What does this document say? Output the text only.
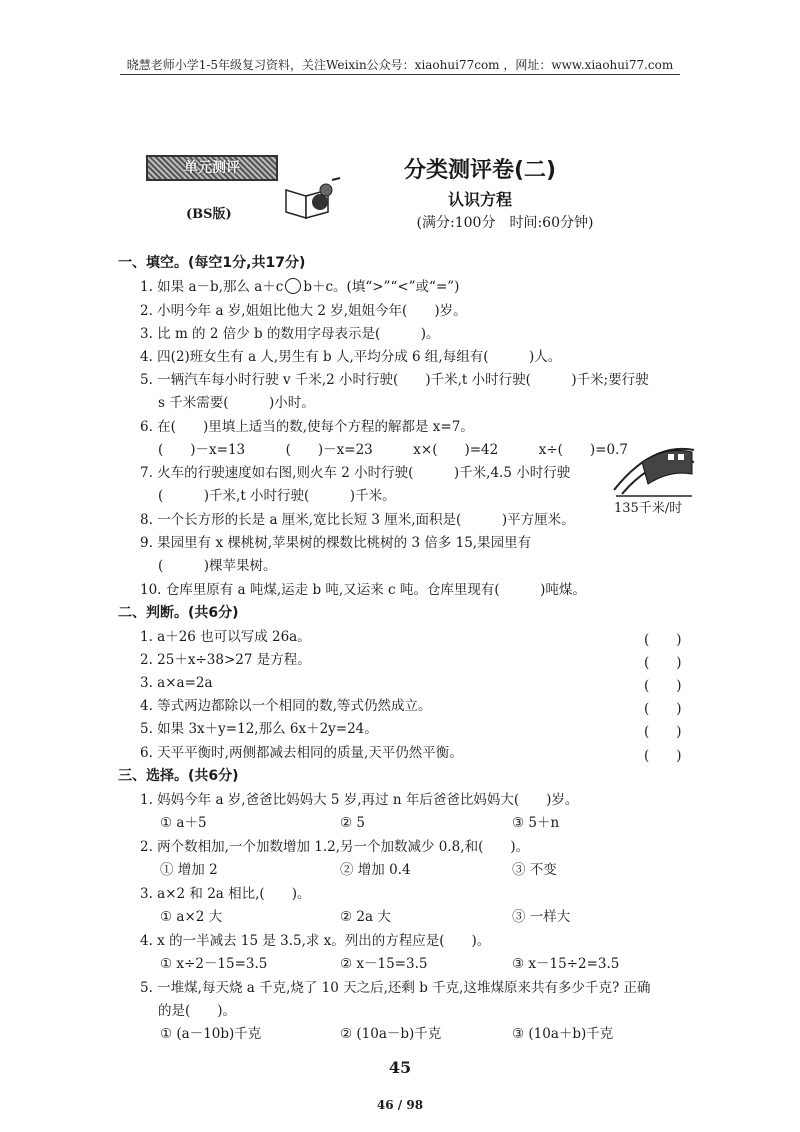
晓慧老师小学1-5年级复习资料，关注Weixin公众号：xiaohui77com ，网址：www.xiaohui77.com
单元测评
(BS版)
分类测评卷(二)
认识方程
(满分:100分　时间:60分钟)
一、填空。(每空1分,共17分)
1. 如果 a－b,那么 a＋c b＋c。(填“>”“<”或“=”)
2. 小明今年 a 岁,姐姐比他大 2 岁,姐姐今年(　　)岁。
3. 比 m 的 2 倍少 b 的数用字母表示是(　　　)。
4. 四(2)班女生有 a 人,男生有 b 人,平均分成 6 组,每组有(　　　)人。
5. 一辆汽车每小时行驶 v 千米,2 小时行驶(　　)千米,t 小时行驶(　　　)千米;要行驶
s 千米需要(　　　)小时。
6. 在(　　)里填上适当的数,使每个方程的解都是 x=7。
(　　)－x=13　　　(　　)－x=23　　　x×(　　)=42　　　x÷(　　)=0.7
7. 火车的行驶速度如右图,则火车 2 小时行驶(　　　)千米,4.5 小时行驶
(　　　)千米,t 小时行驶(　　　)千米。
135千米/时
8. 一个长方形的长是 a 厘米,宽比长短 3 厘米,面积是(　　　)平方厘米。
9. 果园里有 x 棵桃树,苹果树的棵数比桃树的 3 倍多 15,果园里有
(　　　)棵苹果树。
10. 仓库里原有 a 吨煤,运走 b 吨,又运来 c 吨。仓库里现有(　　　)吨煤。
二、判断。(共6分)
1. a＋26 也可以写成 26a。	(　　)
2. 25＋x÷38>27 是方程。	(　　)
3. a×a=2a	(　　)
4. 等式两边都除以一个相同的数,等式仍然成立。	(　　)
5. 如果 3x＋y=12,那么 6x＋2y=24。	(　　)
6. 天平平衡时,两侧都减去相同的质量,天平仍然平衡。	(　　)
三、选择。(共6分)
1. 妈妈今年 a 岁,爸爸比妈妈大 5 岁,再过 n 年后爸爸比妈妈大(　　)岁。
① a＋5	② 5	③ 5＋n
2. 两个数相加,一个加数增加 1.2,另一个加数减少 0.8,和(　　)。
① 增加 2	② 增加 0.4	③ 不变
3. a×2 和 2a 相比,(　　)。
① a×2 大	② 2a 大	③ 一样大
4. x 的一半减去 15 是 3.5,求 x。列出的方程应是(　　)。
① x÷2－15=3.5	② x－15=3.5	③ x－15÷2=3.5
5. 一堆煤,每天烧 a 千克,烧了 10 天之后,还剩 b 千克,这堆煤原来共有多少千克? 正确
的是(　　)。
① (a－10b)千克	② (10a－b)千克	③ (10a＋b)千克
45
46 / 98
